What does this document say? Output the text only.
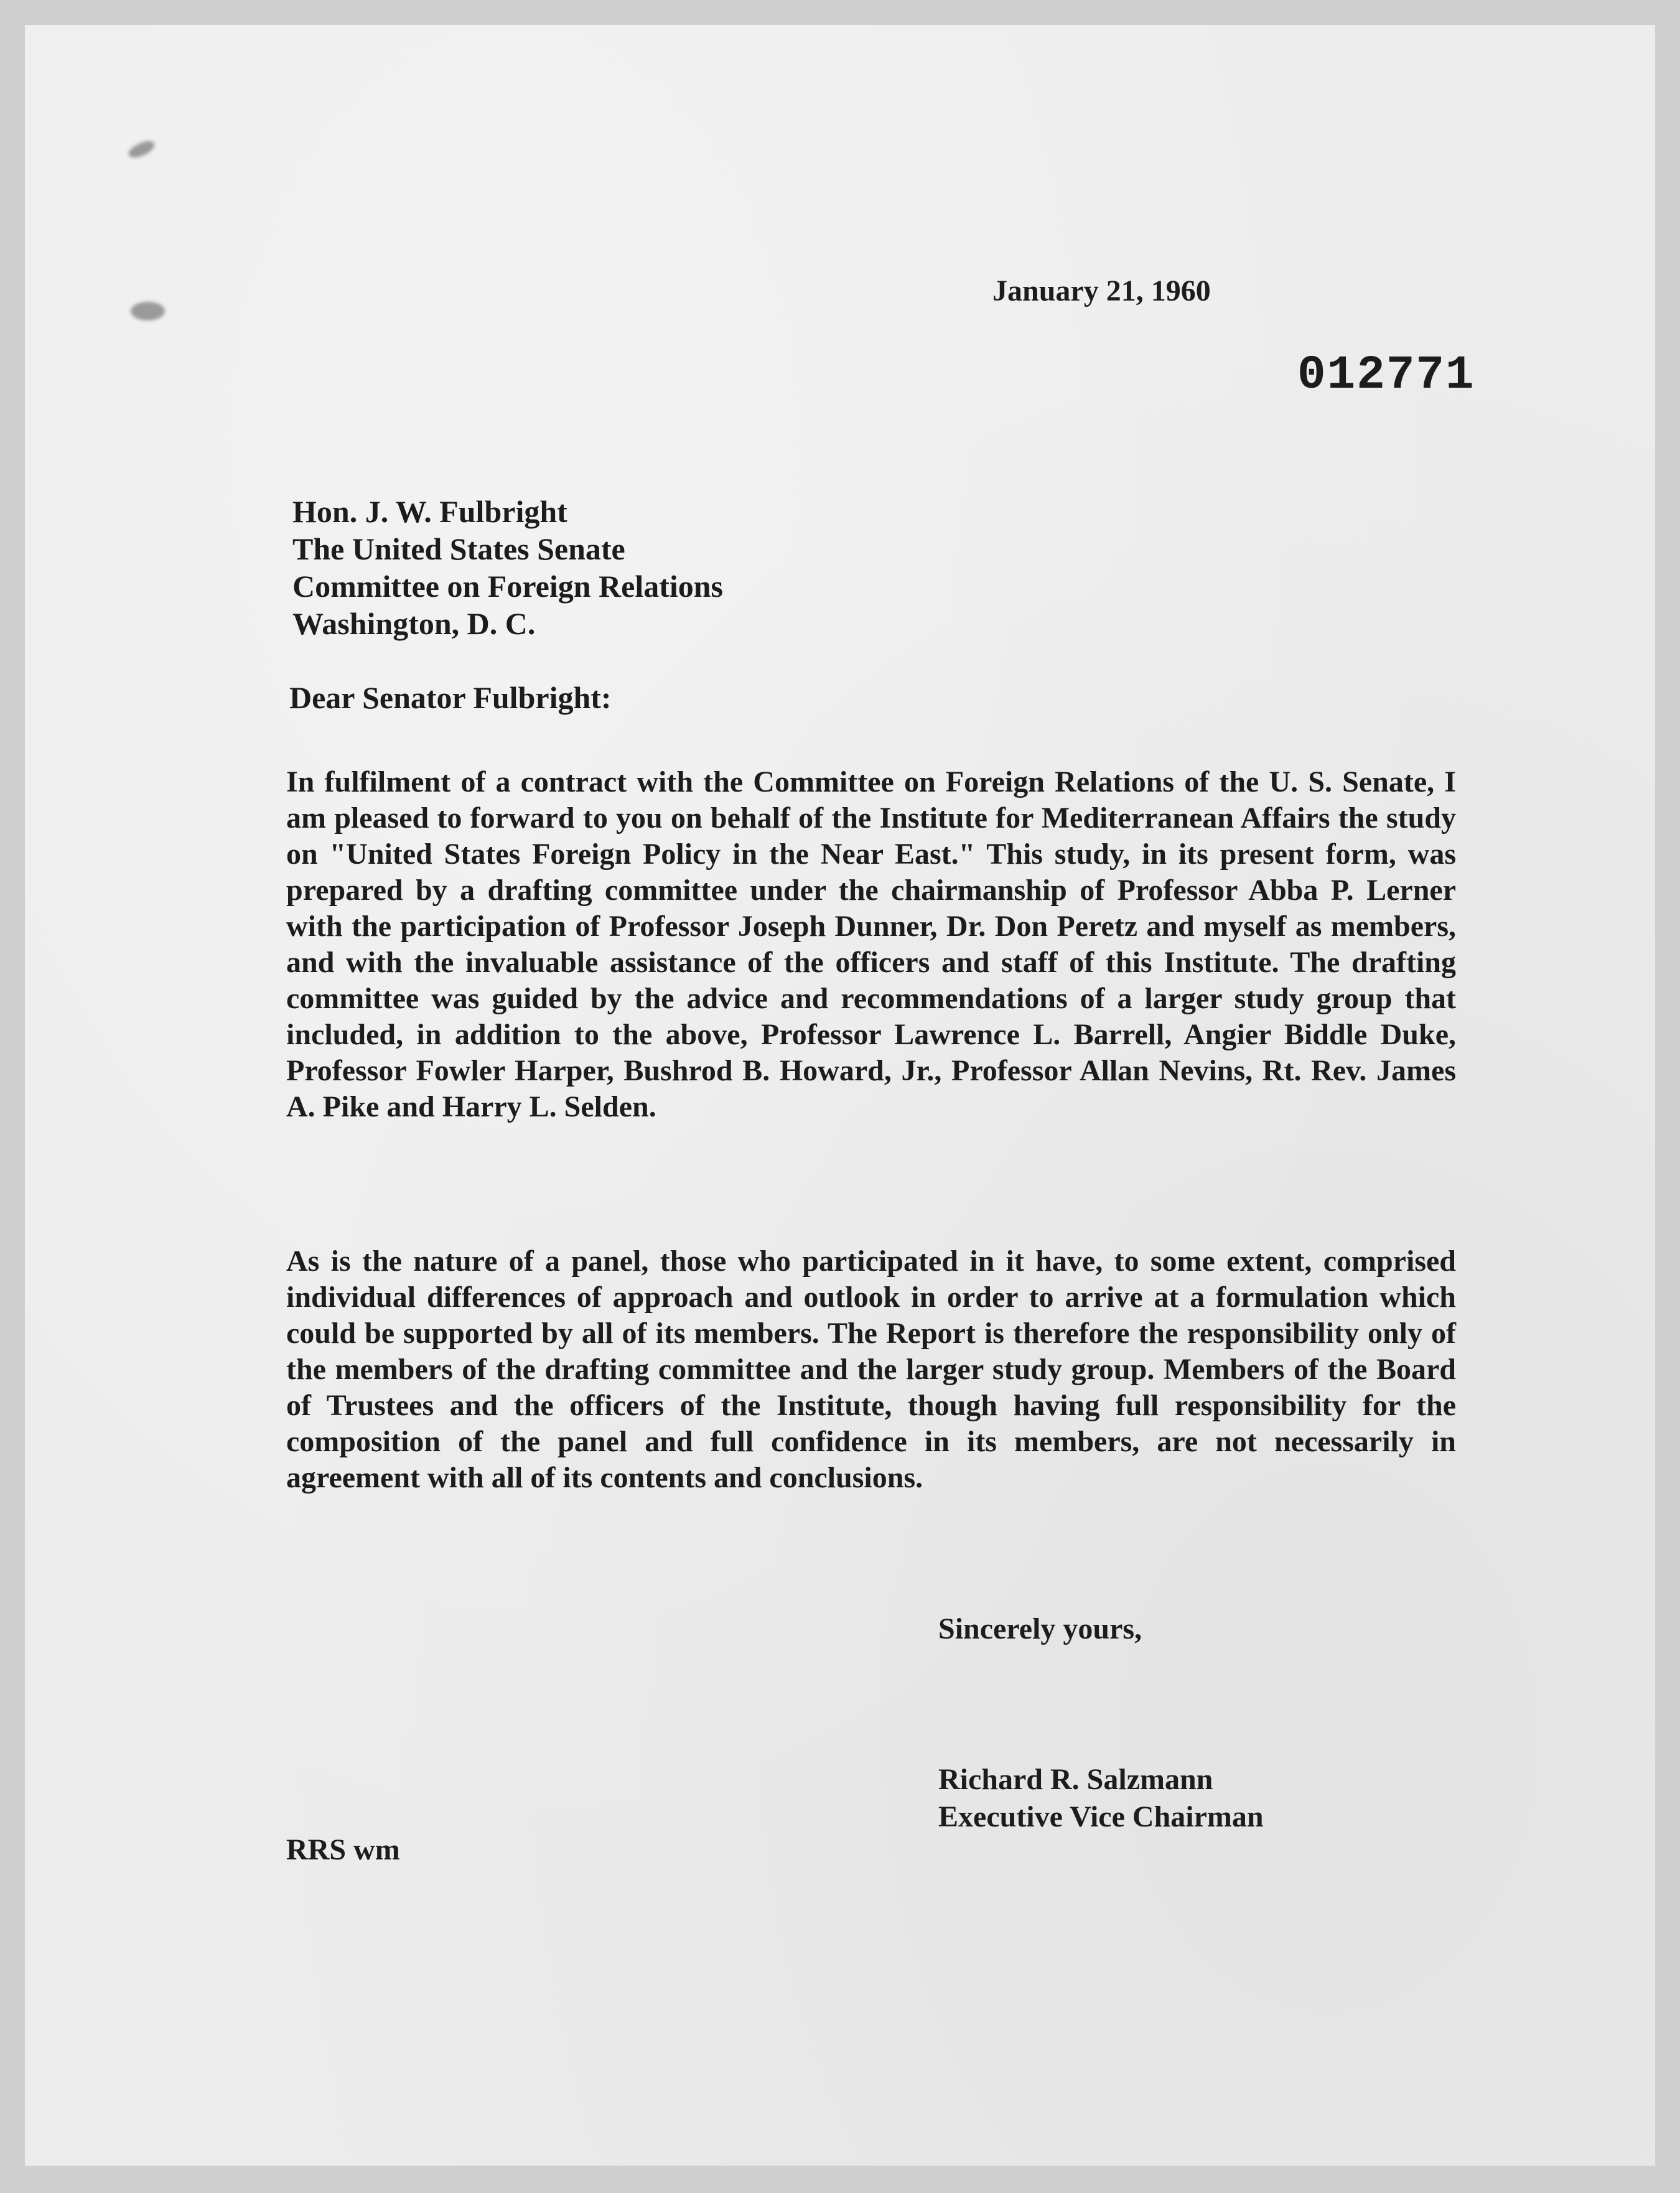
January 21, 1960
012771
Hon. J. W. Fulbright
The United States Senate
Committee on Foreign Relations
Washington, D. C.
Dear Senator Fulbright:
In fulfilment of a contract with the Committee on Foreign Relations of the U. S. Senate, I am pleased to forward to you on behalf of the Institute for Mediterranean Affairs the study on "United States Foreign Policy in the Near East." This study, in its present form, was prepared by a drafting committee under the chairmanship of Professor Abba P. Lerner with the participation of Professor Joseph Dunner, Dr. Don Peretz and myself as members, and with the invaluable assistance of the officers and staff of this Institute. The drafting committee was guided by the advice and recommendations of a larger study group that included, in addition to the above, Professor Lawrence L. Barrell, Angier Biddle Duke, Professor Fowler Harper, Bushrod B. Howard, Jr., Professor Allan Nevins, Rt. Rev. James A. Pike and Harry L. Selden.
As is the nature of a panel, those who participated in it have, to some extent, comprised individual differences of approach and outlook in order to arrive at a formulation which could be supported by all of its members. The Report is therefore the responsibility only of the members of the drafting committee and the larger study group. Members of the Board of Trustees and the officers of the Institute, though having full responsibility for the composition of the panel and full confidence in its members, are not necessarily in agreement with all of its contents and conclusions.
Sincerely yours,
Richard R. Salzmann
Executive Vice Chairman
RRS wm
